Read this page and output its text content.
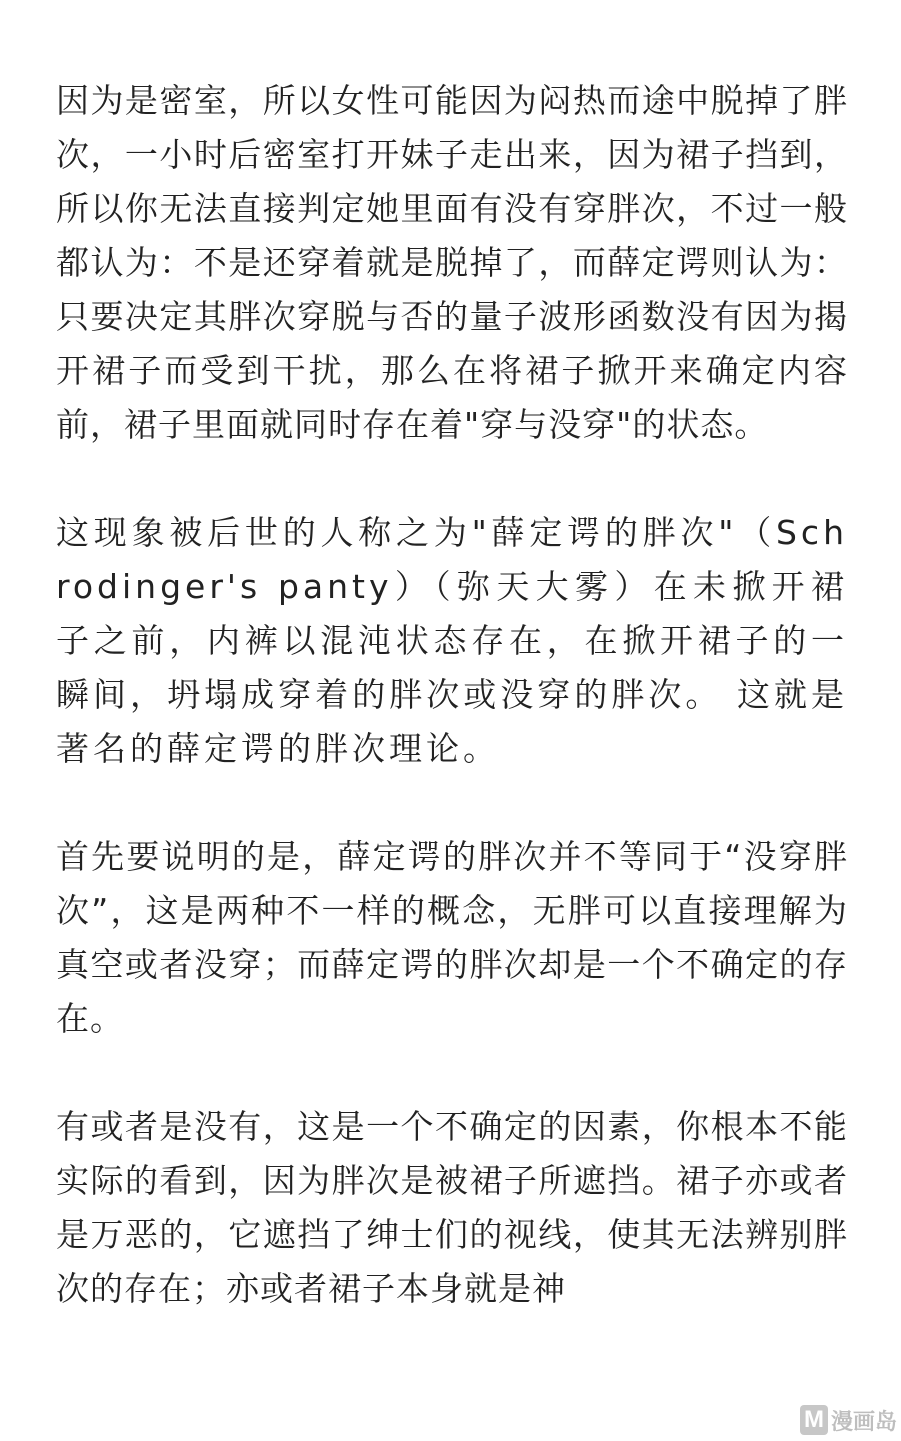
因为是密室，所以女性可能因为闷热而途中脱掉了胖次，一小时后密室打开妹子走出来，因为裙子挡到，所以你无法直接判定她里面有没有穿胖次，不过一般都认为：不是还穿着就是脱掉了，而薛定谔则认为：只要决定其胖次穿脱与否的量子波形函数没有因为揭开裙子而受到干扰，那么在将裙子掀开来确定内容前，裙子里面就同时存在着"穿与没穿"的状态。

这现象被后世的人称之为"薛定谔的胖次"（Schrodinger's panty）（弥天大雾）在未掀开裙子之前，内裤以混沌状态存在，在掀开裙子的一瞬间，坍塌成穿着的胖次或没穿的胖次。 这就是著名的薛定谔的胖次理论。

首先要说明的是，薛定谔的胖次并不等同于“没穿胖次”，这是两种不一样的概念，无胖可以直接理解为真空或者没穿；而薛定谔的胖次却是一个不确定的存在。

有或者是没有，这是一个不确定的因素，你根本不能实际的看到，因为胖次是被裙子所遮挡。裙子亦或者是万恶的，它遮挡了绅士们的视线，使其无法辨别胖次的存在；亦或者裙子本身就是神

M 漫画岛
